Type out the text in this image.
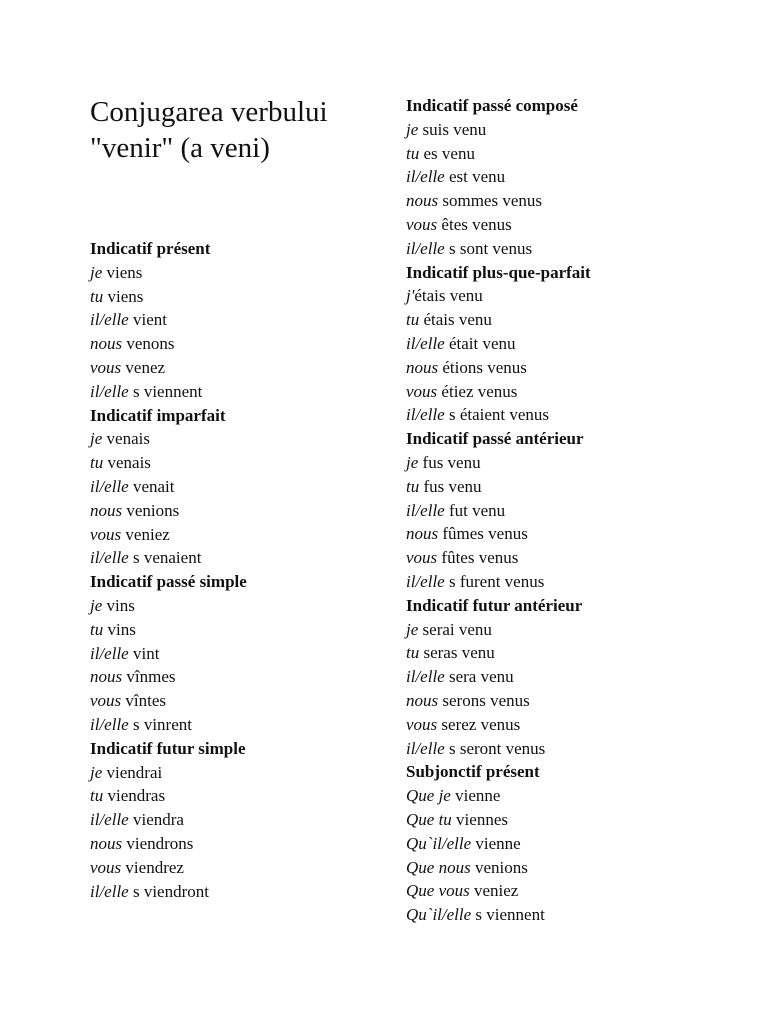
Conjugarea verbului
"venir" (a veni)
Indicatif présent
je viens
tu viens
il/elle vient
nous venons
vous venez
il/elle s viennent
Indicatif imparfait
je venais
tu venais
il/elle venait
nous venions
vous veniez
il/elle s venaient
Indicatif passé simple
je vins
tu vins
il/elle vint
nous vînmes
vous vîntes
il/elle s vinrent
Indicatif futur simple
je viendrai
tu viendras
il/elle viendra
nous viendrons
vous viendrez
il/elle s viendront
Indicatif passé composé
je suis venu
tu es venu
il/elle est venu
nous sommes venus
vous êtes venus
il/elle s sont venus
Indicatif plus-que-parfait
j'étais venu
tu étais venu
il/elle était venu
nous étions venus
vous étiez venus
il/elle s étaient venus
Indicatif passé antérieur
je fus venu
tu fus venu
il/elle fut venu
nous fûmes venus
vous fûtes venus
il/elle s furent venus
Indicatif futur antérieur
je serai venu
tu seras venu
il/elle sera venu
nous serons venus
vous serez venus
il/elle s seront venus
Subjonctif présent
Que je vienne
Que tu viennes
Qu`il/elle vienne
Que nous venions
Que vous veniez
Qu`il/elle s viennent
